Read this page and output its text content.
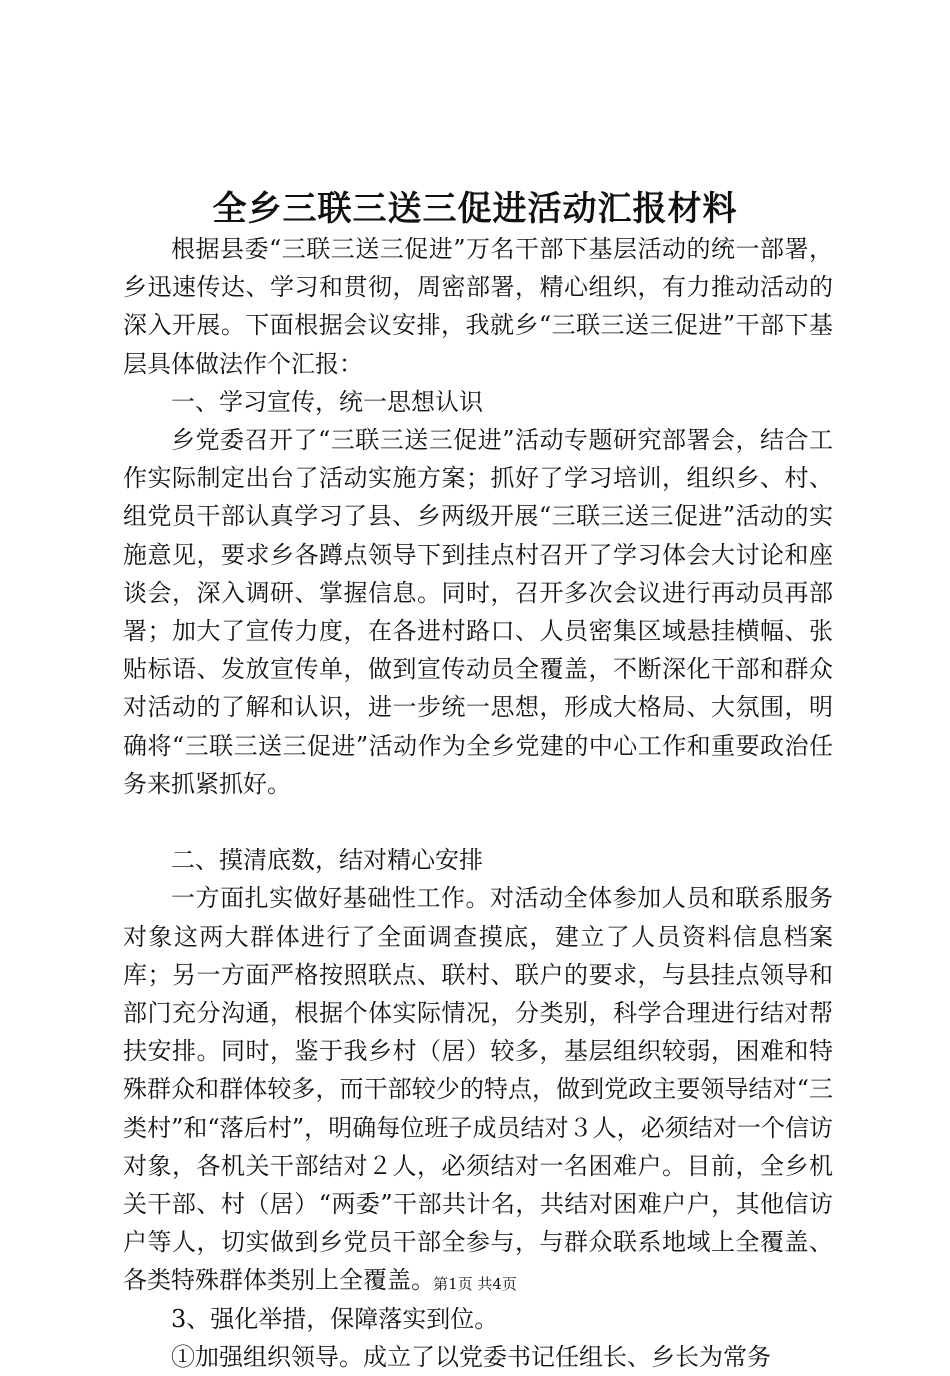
全乡三联三送三促进活动汇报材料

根据县委“三联三送三促进”万名干部下基层活动的统一部署，乡迅速传达、学习和贯彻，周密部署，精心组织，有力推动活动的深入开展。下面根据会议安排，我就乡“三联三送三促进”干部下基层具体做法作个汇报：

一、学习宣传，统一思想认识

乡党委召开了“三联三送三促进”活动专题研究部署会，结合工作实际制定出台了活动实施方案；抓好了学习培训，组织乡、村、组党员干部认真学习了县、乡两级开展“三联三送三促进”活动的实施意见，要求乡各蹲点领导下到挂点村召开了学习体会大讨论和座谈会，深入调研、掌握信息。同时，召开多次会议进行再动员再部署；加大了宣传力度，在各进村路口、人员密集区域悬挂横幅、张贴标语、发放宣传单，做到宣传动员全覆盖，不断深化干部和群众对活动的了解和认识，进一步统一思想，形成大格局、大氛围，明确将“三联三送三促进”活动作为全乡党建的中心工作和重要政治任务来抓紧抓好。

二、摸清底数，结对精心安排

一方面扎实做好基础性工作。对活动全体参加人员和联系服务对象这两大群体进行了全面调查摸底，建立了人员资料信息档案库；另一方面严格按照联点、联村、联户的要求，与县挂点领导和部门充分沟通，根据个体实际情况，分类别，科学合理进行结对帮扶安排。同时，鉴于我乡村（居）较多，基层组织较弱，困难和特殊群众和群体较多，而干部较少的特点，做到党政主要领导结对“三类村”和“落后村”，明确每位班子成员结对３人，必须结对一个信访对象，各机关干部结对２人，必须结对一名困难户。目前，全乡机关干部、村（居）“两委”干部共计名，共结对困难户户，其他信访户等人，切实做到乡党员干部全参与，与群众联系地域上全覆盖、各类特殊群体类别上全覆盖。

3、强化举措，保障落实到位。

①加强组织领导。成立了以党委书记任组长、乡长为常务

第1页 共4页
